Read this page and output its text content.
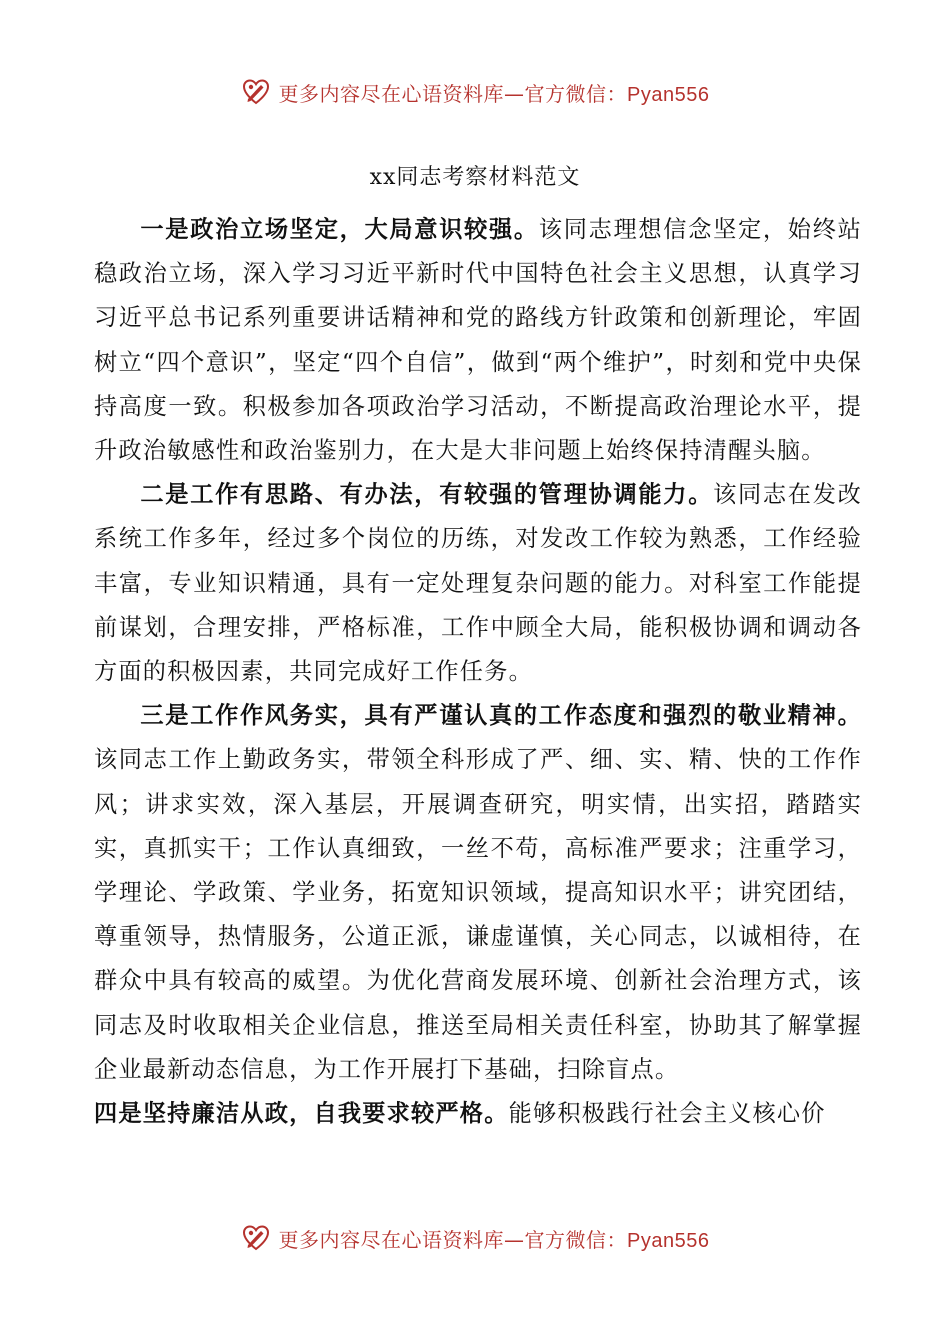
更多内容尽在心语资料库—官方微信：Pyan556
xx同志考察材料范文

一是政治立场坚定，大局意识较强。该同志理想信念坚定，始终站稳政治立场，深入学习习近平新时代中国特色社会主义思想，认真学习习近平总书记系列重要讲话精神和党的路线方针政策和创新理论，牢固树立“四个意识”，坚定“四个自信”，做到“两个维护”，时刻和党中央保持高度一致。积极参加各项政治学习活动，不断提高政治理论水平，提升政治敏感性和政治鉴别力，在大是大非问题上始终保持清醒头脑。

二是工作有思路、有办法，有较强的管理协调能力。该同志在发改系统工作多年，经过多个岗位的历练，对发改工作较为熟悉，工作经验丰富，专业知识精通，具有一定处理复杂问题的能力。对科室工作能提前谋划，合理安排，严格标准，工作中顾全大局，能积极协调和调动各方面的积极因素，共同完成好工作任务。

三是工作作风务实，具有严谨认真的工作态度和强烈的敬业精神。该同志工作上勤政务实，带领全科形成了严、细、实、精、快的工作作风；讲求实效，深入基层，开展调查研究，明实情，出实招，踏踏实实，真抓实干；工作认真细致，一丝不苟，高标准严要求；注重学习，学理论、学政策、学业务，拓宽知识领域，提高知识水平；讲究团结，尊重领导，热情服务，公道正派，谦虚谨慎，关心同志，以诚相待，在群众中具有较高的威望。为优化营商发展环境、创新社会治理方式，该同志及时收取相关企业信息，推送至局相关责任科室，协助其了解掌握企业最新动态信息，为工作开展打下基础，扫除盲点。

四是坚持廉洁从政，自我要求较严格。能够积极践行社会主义核心价

更多内容尽在心语资料库—官方微信：Pyan556
